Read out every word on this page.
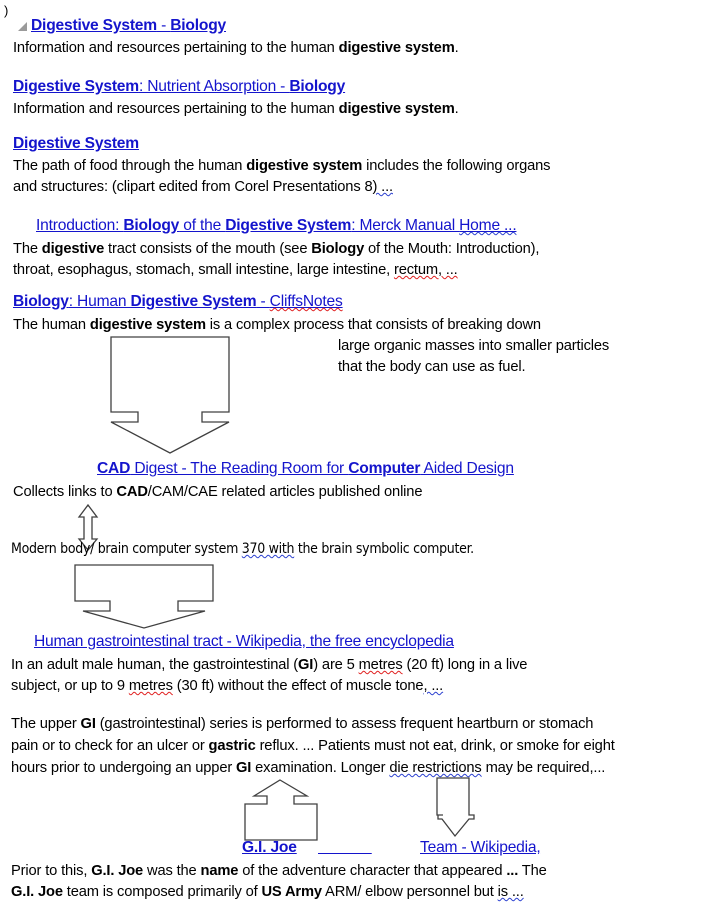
)
Digestive System - Biology
Information and resources pertaining to the human digestive system.
Digestive System: Nutrient Absorption - Biology
Information and resources pertaining to the human digestive system.
Digestive System
The path of food through the human digestive system includes the following organs
and structures: (clipart edited from Corel Presentations 8) ...
Introduction: Biology of the Digestive System: Merck Manual Home ...
The digestive tract consists of the mouth (see Biology of the Mouth: Introduction),
throat, esophagus, stomach, small intestine, large intestine, rectum, ...
Biology: Human Digestive System - CliffsNotes
The human digestive system is a complex process that consists of breaking down
large organic masses into smaller particles
that the body can use as fuel.
CAD Digest - The Reading Room for Computer Aided Design
Collects links to CAD/CAM/CAE related articles published online
Modern body/ brain computer system 370 with the brain symbolic computer.
Human gastrointestinal tract - Wikipedia, the free encyclopedia
In an adult male human, the gastrointestinal (GI) are 5 metres (20 ft) long in a live
subject, or up to 9 metres (30 ft) without the effect of muscle tone, ...
The upper GI (gastrointestinal) series is performed to assess frequent heartburn or stomach
pain or to check for an ulcer or gastric reflux. ... Patients must not eat, drink, or smoke for eight
hours prior to undergoing an upper GI examination. Longer die restrictions may be required,...
G.I. Joe
	Team - Wikipedia,
Prior to this, G.I. Joe was the name of the adventure character that appeared ... The
G.I. Joe team is composed primarily of US Army ARM/ elbow personnel but is ...
